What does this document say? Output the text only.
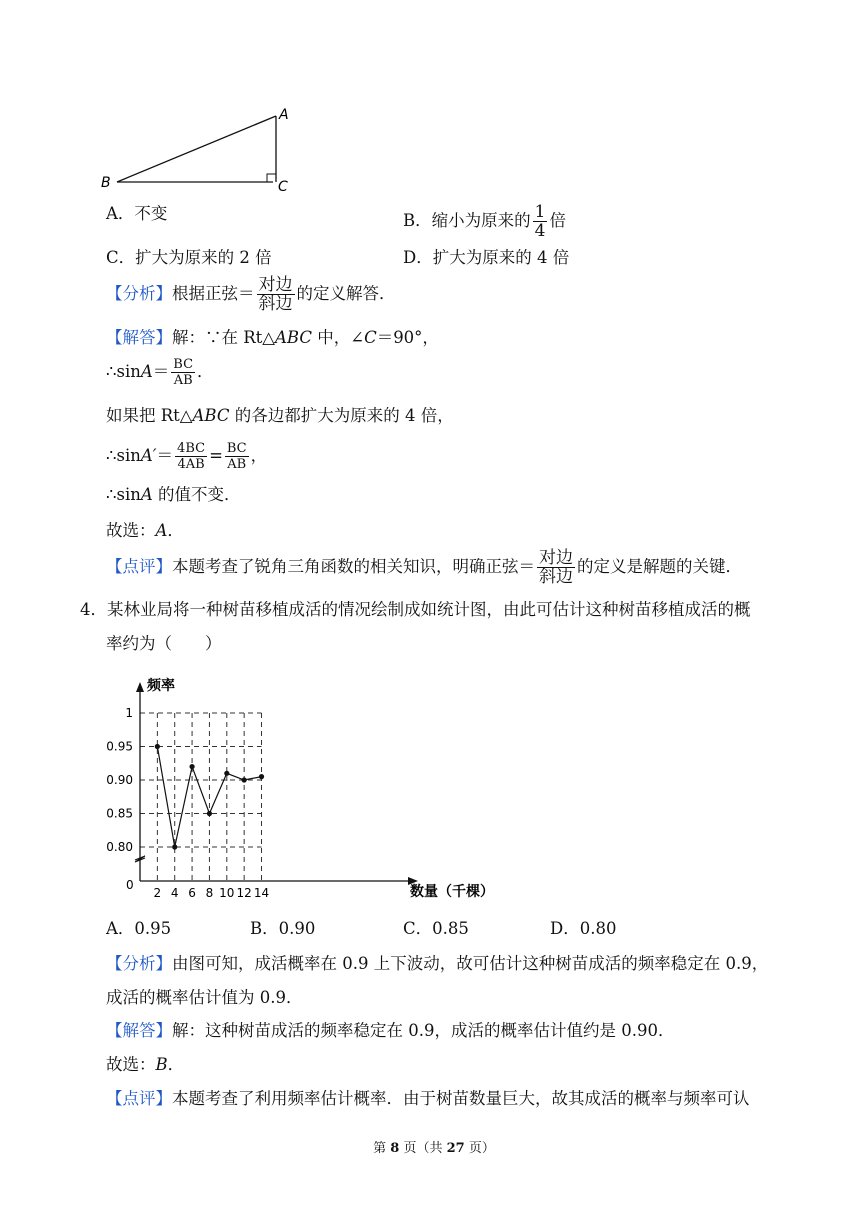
A
B	C
A．不变	B．缩小为原来的 $\frac{1}{4}$ 倍
C．扩大为原来的 2 倍	D．扩大为原来的 4 倍
【分析】根据正弦＝ $\frac{\text{对边}}{\text{斜边}}$ 的定义解答．
【解答】解：∵在 Rt△ABC 中，∠C＝90°，
∴sinA＝ $\frac{BC}{AB}$ ．
如果把 Rt△ABC 的各边都扩大为原来的 4 倍，
∴sinA′＝ $\frac{4BC}{4AB} = \frac{BC}{AB}$ ，
∴sinA 的值不变．
故选：A．
【点评】本题考查了锐角三角函数的相关知识，明确正弦＝ $\frac{\text{对边}}{\text{斜边}}$ 的定义是解题的关键．
4．某林业局将一种树苗移植成活的情况绘制成如统计图，由此可估计这种树苗移植成活的概
率约为（　　）
2 4 6 8 10 12 14
0.80
0.85
0.90
0.95
1
频率
数量（千棵）
0
A．0.95	B．0.90	C．0.85	D．0.80
【分析】由图可知，成活概率在 0.9 上下波动，故可估计这种树苗成活的频率稳定在 0.9，
成活的概率估计值为 0.9．
【解答】解：这种树苗成活的频率稳定在 0.9，成活的概率估计值约是 0.90．
故选：B．
【点评】本题考查了利用频率估计概率．由于树苗数量巨大，故其成活的概率与频率可认
第 8 页（共 27 页）
